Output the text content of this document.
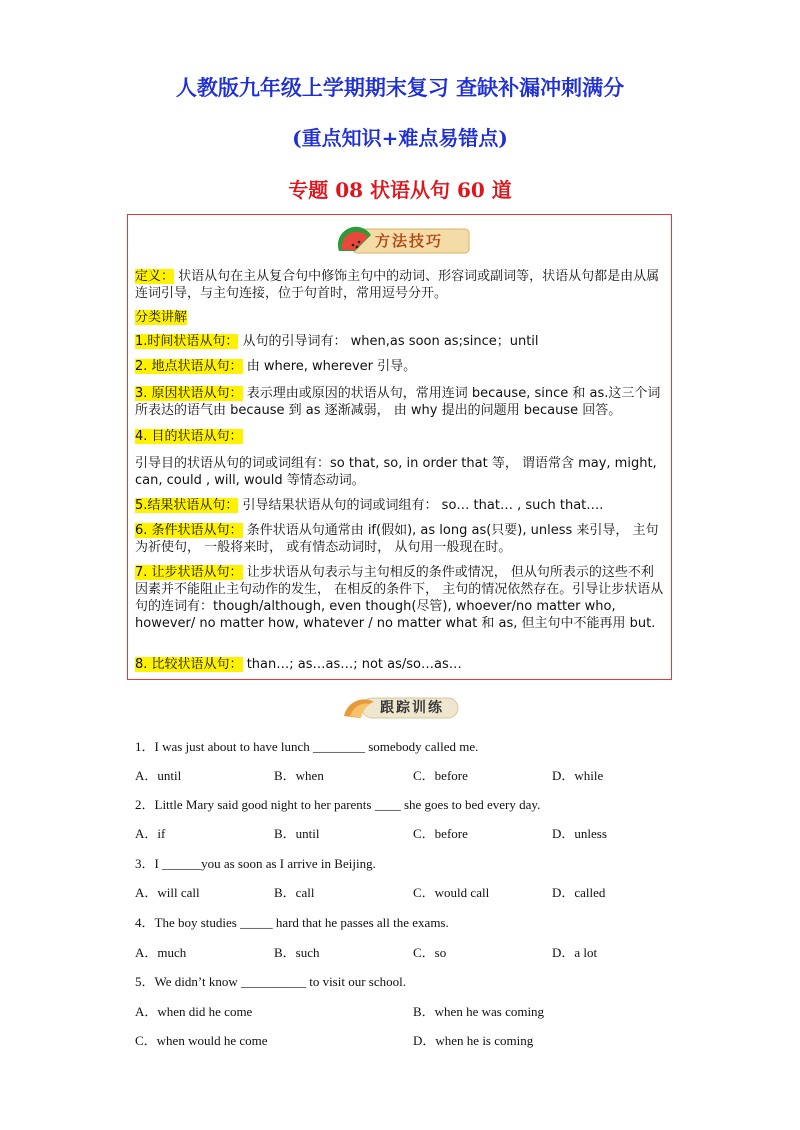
人教版九年级上学期期末复习 查缺补漏冲刺满分
(重点知识+难点易错点)
专题 08 状语从句 60 道
方法技巧
定义： 状语从句在主从复合句中修饰主句中的动词、形容词或副词等，状语从句都是由从属连词引导，与主句连接，位于句首时，常用逗号分开。
分类讲解
1.时间状语从句： 从句的引导词有： when,as soon as;since；until
2. 地点状语从句： 由 where, wherever 引导。
3. 原因状语从句： 表示理由或原因的状语从句，常用连词 because, since 和 as.这三个词所表达的语气由 because 到 as 逐渐减弱， 由 why 提出的问题用 because 回答。
4. 目的状语从句：
引导目的状语从句的词或词组有：so that, so, in order that 等， 谓语常含 may, might, can, could , will, would 等情态动词。
5.结果状语从句： 引导结果状语从句的词或词组有： so… that… , such that….
6. 条件状语从句： 条件状语从句通常由 if(假如), as long as(只要), unless 来引导， 主句为祈使句， 一般将来时， 或有情态动词时， 从句用一般现在时。
7. 让步状语从句： 让步状语从句表示与主句相反的条件或情况， 但从句所表示的这些不利因素并不能阻止主句动作的发生， 在相反的条件下， 主句的情况依然存在。引导让步状语从句的连词有：though/although, even though(尽管), whoever/no matter who, however/ no matter how, whatever / no matter what 和 as, 但主句中不能再用 but.
8. 比较状语从句： than…; as…as…; not as/so…as…
跟踪训练
1．I was just about to have lunch ________ somebody called me.
A．until	B．when	C．before	D．while
2．Little Mary said good night to her parents ____ she goes to bed every day.
A．if	B．until	C．before	D．unless
3．I ______you as soon as I arrive in Beijing.
A．will call	B．call	C．would call	D．called
4．The boy studies _____ hard that he passes all the exams.
A．much	B．such	C．so	D．a lot
5．We didn’t know __________ to visit our school.
A．when did he come	B．when he was coming
C．when would he come	D．when he is coming
